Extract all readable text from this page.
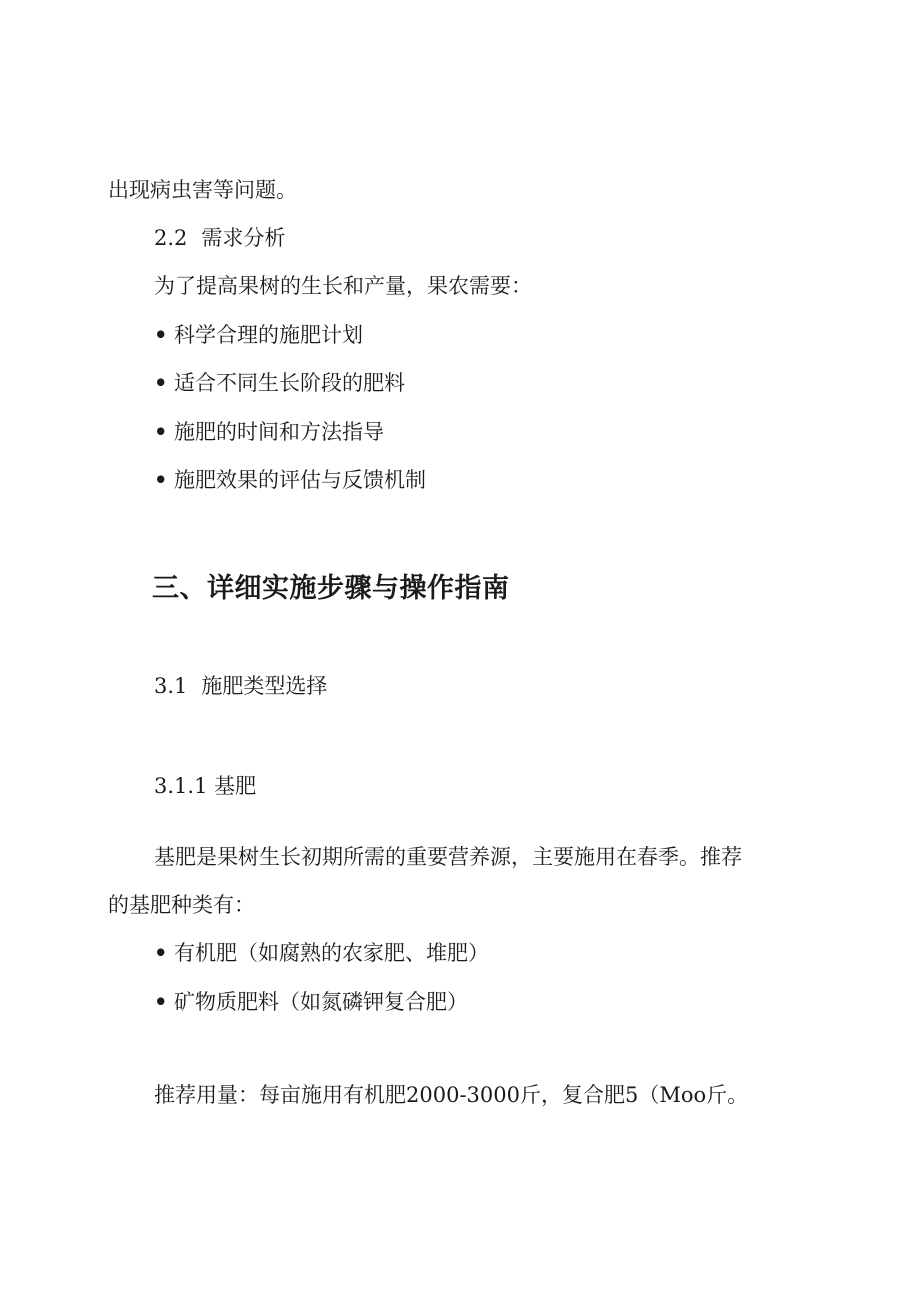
出现病虫害等问题。
2.2 需求分析
为了提高果树的生长和产量，果农需要：
• 科学合理的施肥计划
• 适合不同生长阶段的肥料
• 施肥的时间和方法指导
• 施肥效果的评估与反馈机制
三、详细实施步骤与操作指南
3.1 施肥类型选择
3.1.1 基肥
基肥是果树生长初期所需的重要营养源，主要施用在春季。推荐
的基肥种类有：
• 有机肥（如腐熟的农家肥、堆肥）
• 矿物质肥料（如氮磷钾复合肥）
推荐用量：每亩施用有机肥2000-3000斤，复合肥5（Moo斤。
